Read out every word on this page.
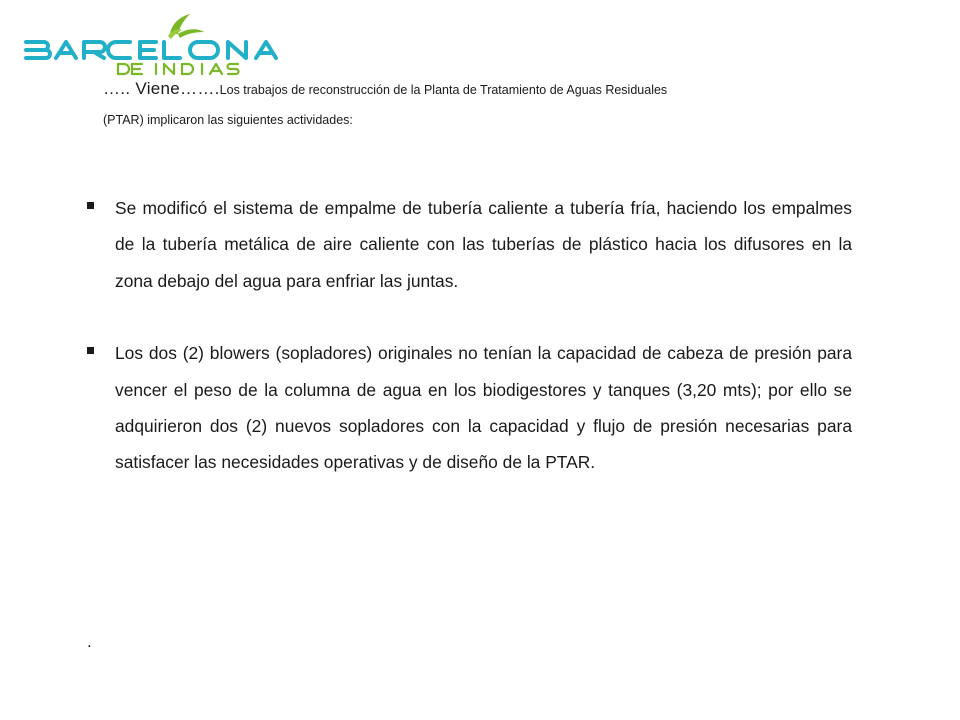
….. Viene…….Los trabajos de reconstrucción de la Planta de Tratamiento de Aguas Residuales
(PTAR) implicaron las siguientes actividades:
Se modificó el sistema de empalme de tubería caliente a tubería fría, haciendo los empalmes de la tubería metálica de aire caliente con las tuberías de plástico hacia los difusores en la zona debajo del agua para enfriar las juntas.
Los dos (2) blowers (sopladores) originales no tenían la capacidad de cabeza de presión para vencer el peso de la columna de agua en los biodigestores y tanques (3,20 mts); por ello se adquirieron dos (2) nuevos sopladores con la capacidad y flujo de presión necesarias para satisfacer las necesidades operativas y de diseño de la PTAR.
.
